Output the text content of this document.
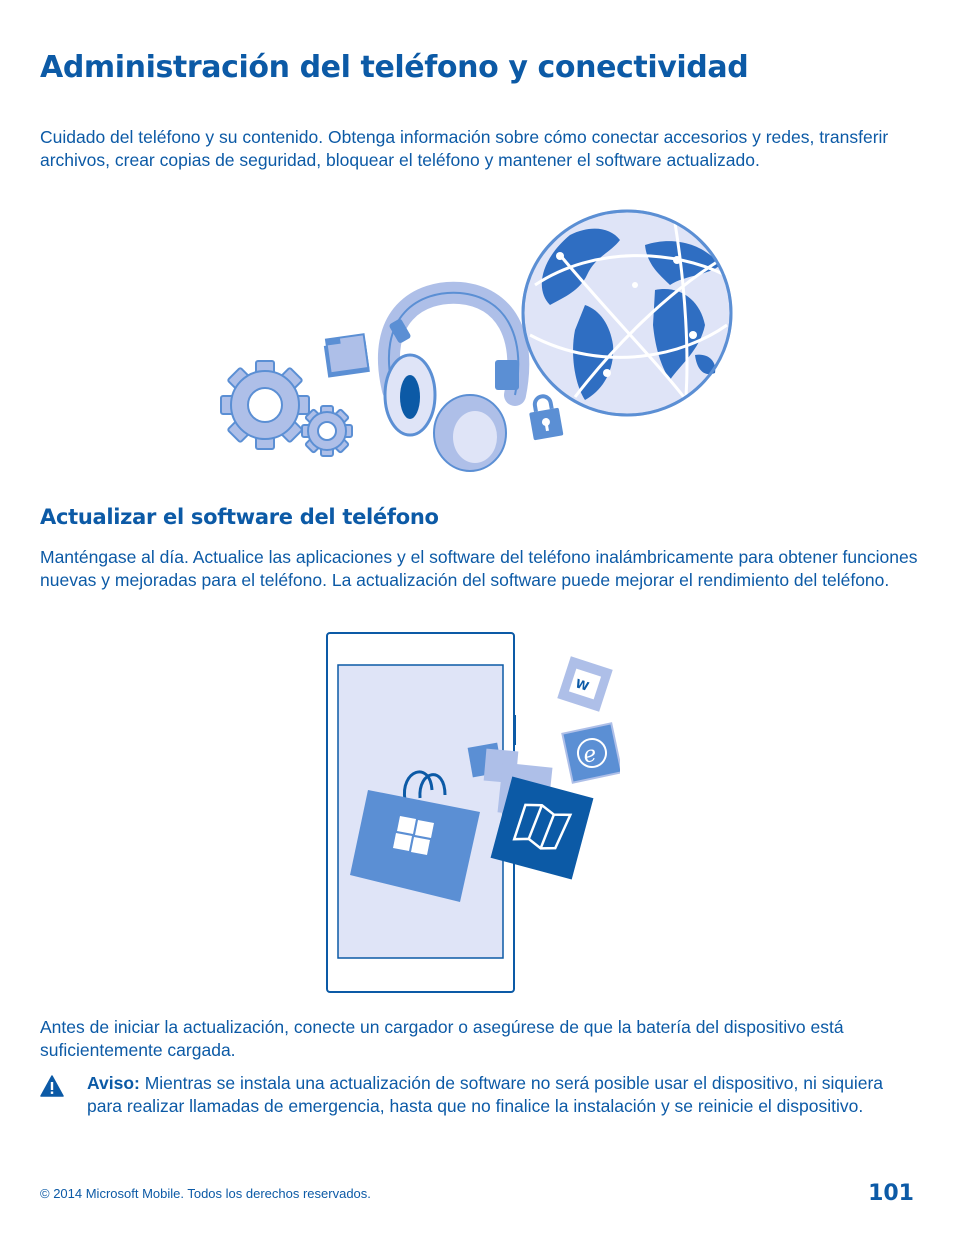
Administración del teléfono y conectividad

Cuidado del teléfono y su contenido. Obtenga información sobre cómo conectar accesorios y redes, transferir archivos, crear copias de seguridad, bloquear el teléfono y mantener el software actualizado.

Actualizar el software del teléfono

Manténgase al día. Actualice las aplicaciones y el software del teléfono inalámbricamente para obtener funciones nuevas y mejoradas para el teléfono. La actualización del software puede mejorar el rendimiento del teléfono.

W
e

Antes de iniciar la actualización, conecte un cargador o asegúrese de que la batería del dispositivo está suficientemente cargada.

Aviso: Mientras se instala una actualización de software no será posible usar el dispositivo, ni siquiera para realizar llamadas de emergencia, hasta que no finalice la instalación y se reinicie el dispositivo.

© 2014 Microsoft Mobile. Todos los derechos reservados.	101
